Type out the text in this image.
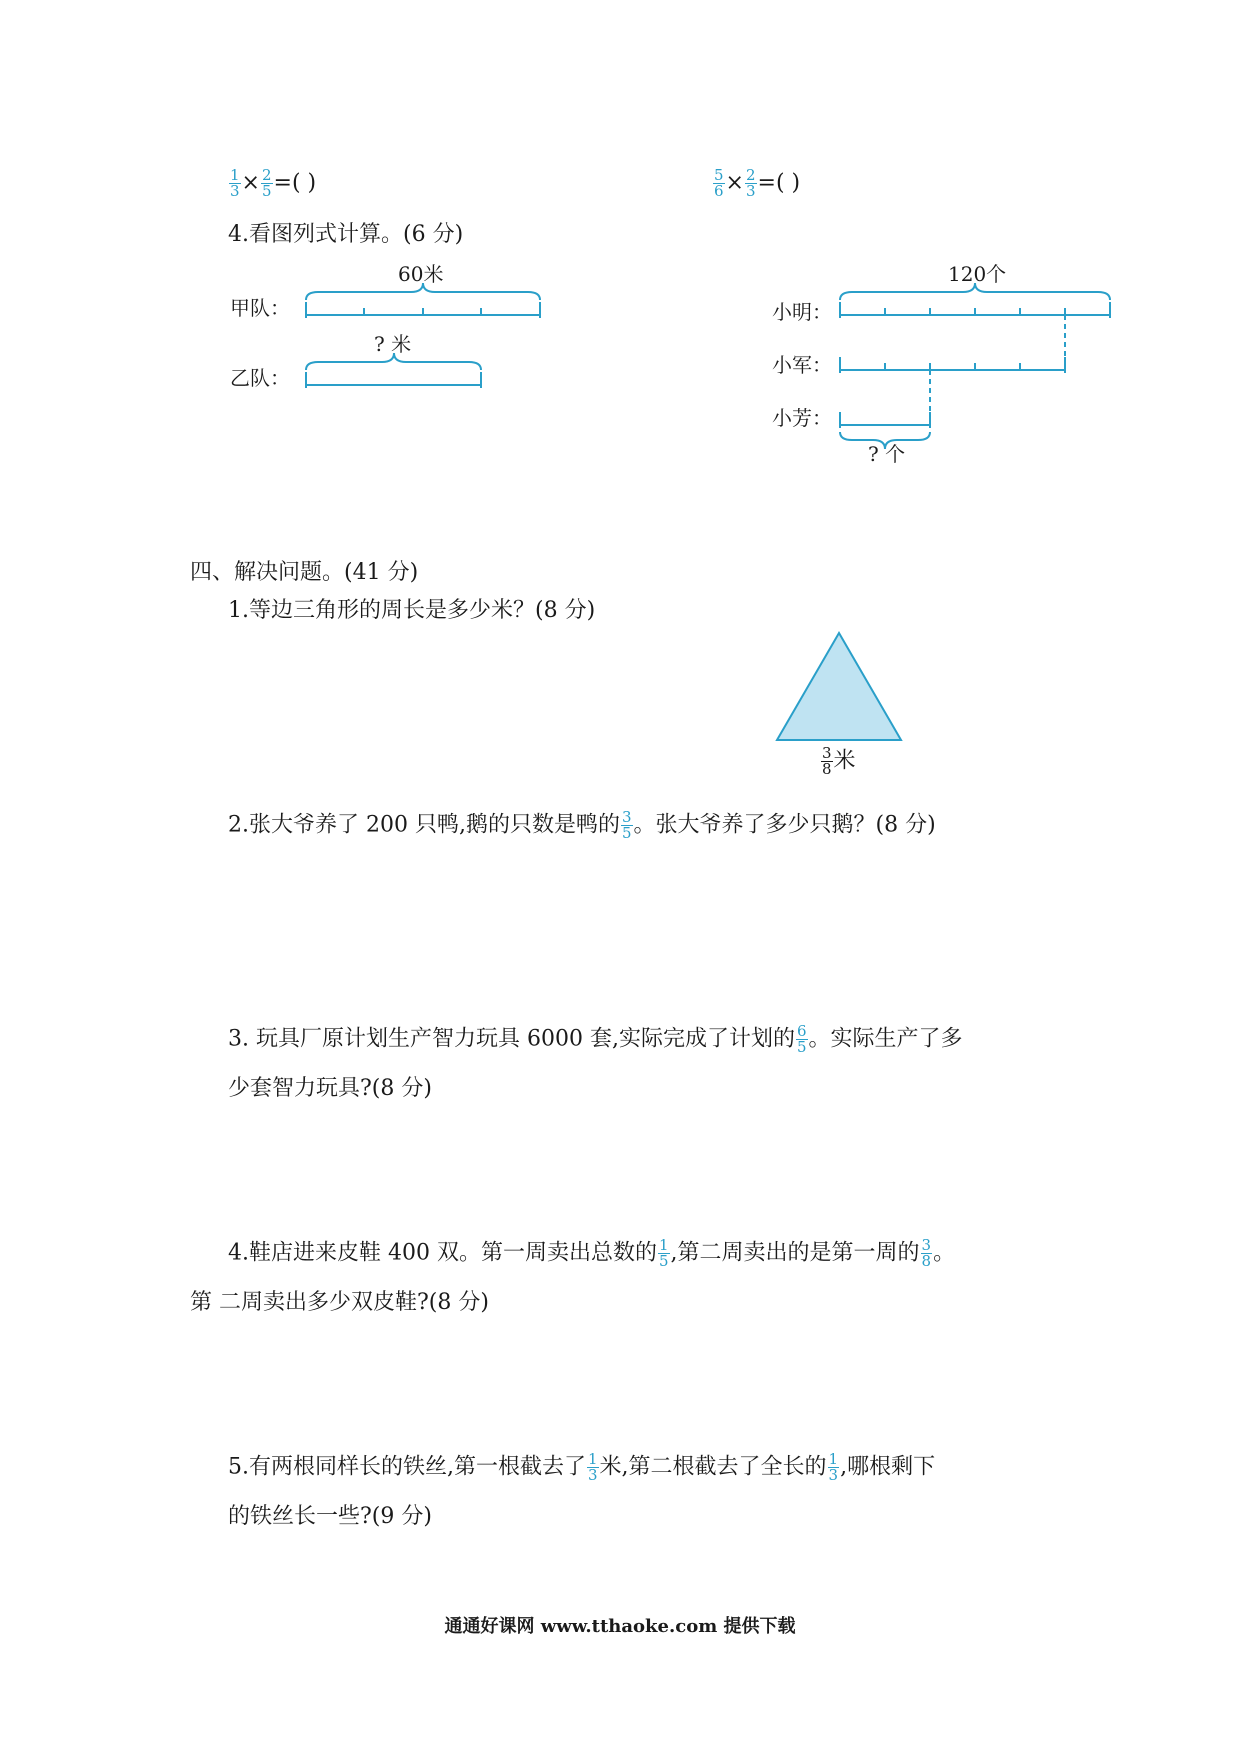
$\frac{1}{3} \times \frac{2}{5}$ =( )	$\frac{5}{6} \times \frac{2}{3}$ =( )
4.看图列式计算。(6 分)
60米
甲队：
? 米
乙队：
120个
小明：
小军：
小芳：
? 个
四、解决问题。(41 分)
1.等边三角形的周长是多少米？(8 分)
$\frac{3}{8}$ 米
2.张大爷养了 200 只鸭,鹅的只数是鸭的 $\frac{3}{5}$ 。张大爷养了多少只鹅？(8 分)
3. 玩具厂原计划生产智力玩具 6000 套,实际完成了计划的 $\frac{6}{5}$ 。实际生产了多
少套智力玩具?(8 分)
4.鞋店进来皮鞋 400 双。第一周卖出总数的 $\frac{1}{5}$ ,第二周卖出的是第一周的 $\frac{3}{8}$ 。
第 二周卖出多少双皮鞋?(8 分)
5.有两根同样长的铁丝,第一根截去了 $\frac{1}{3}$ 米,第二根截去了全长的 $\frac{1}{3}$ ,哪根剩下
的铁丝长一些?(9 分)
通通好课网 www.tthaoke.com 提供下载
